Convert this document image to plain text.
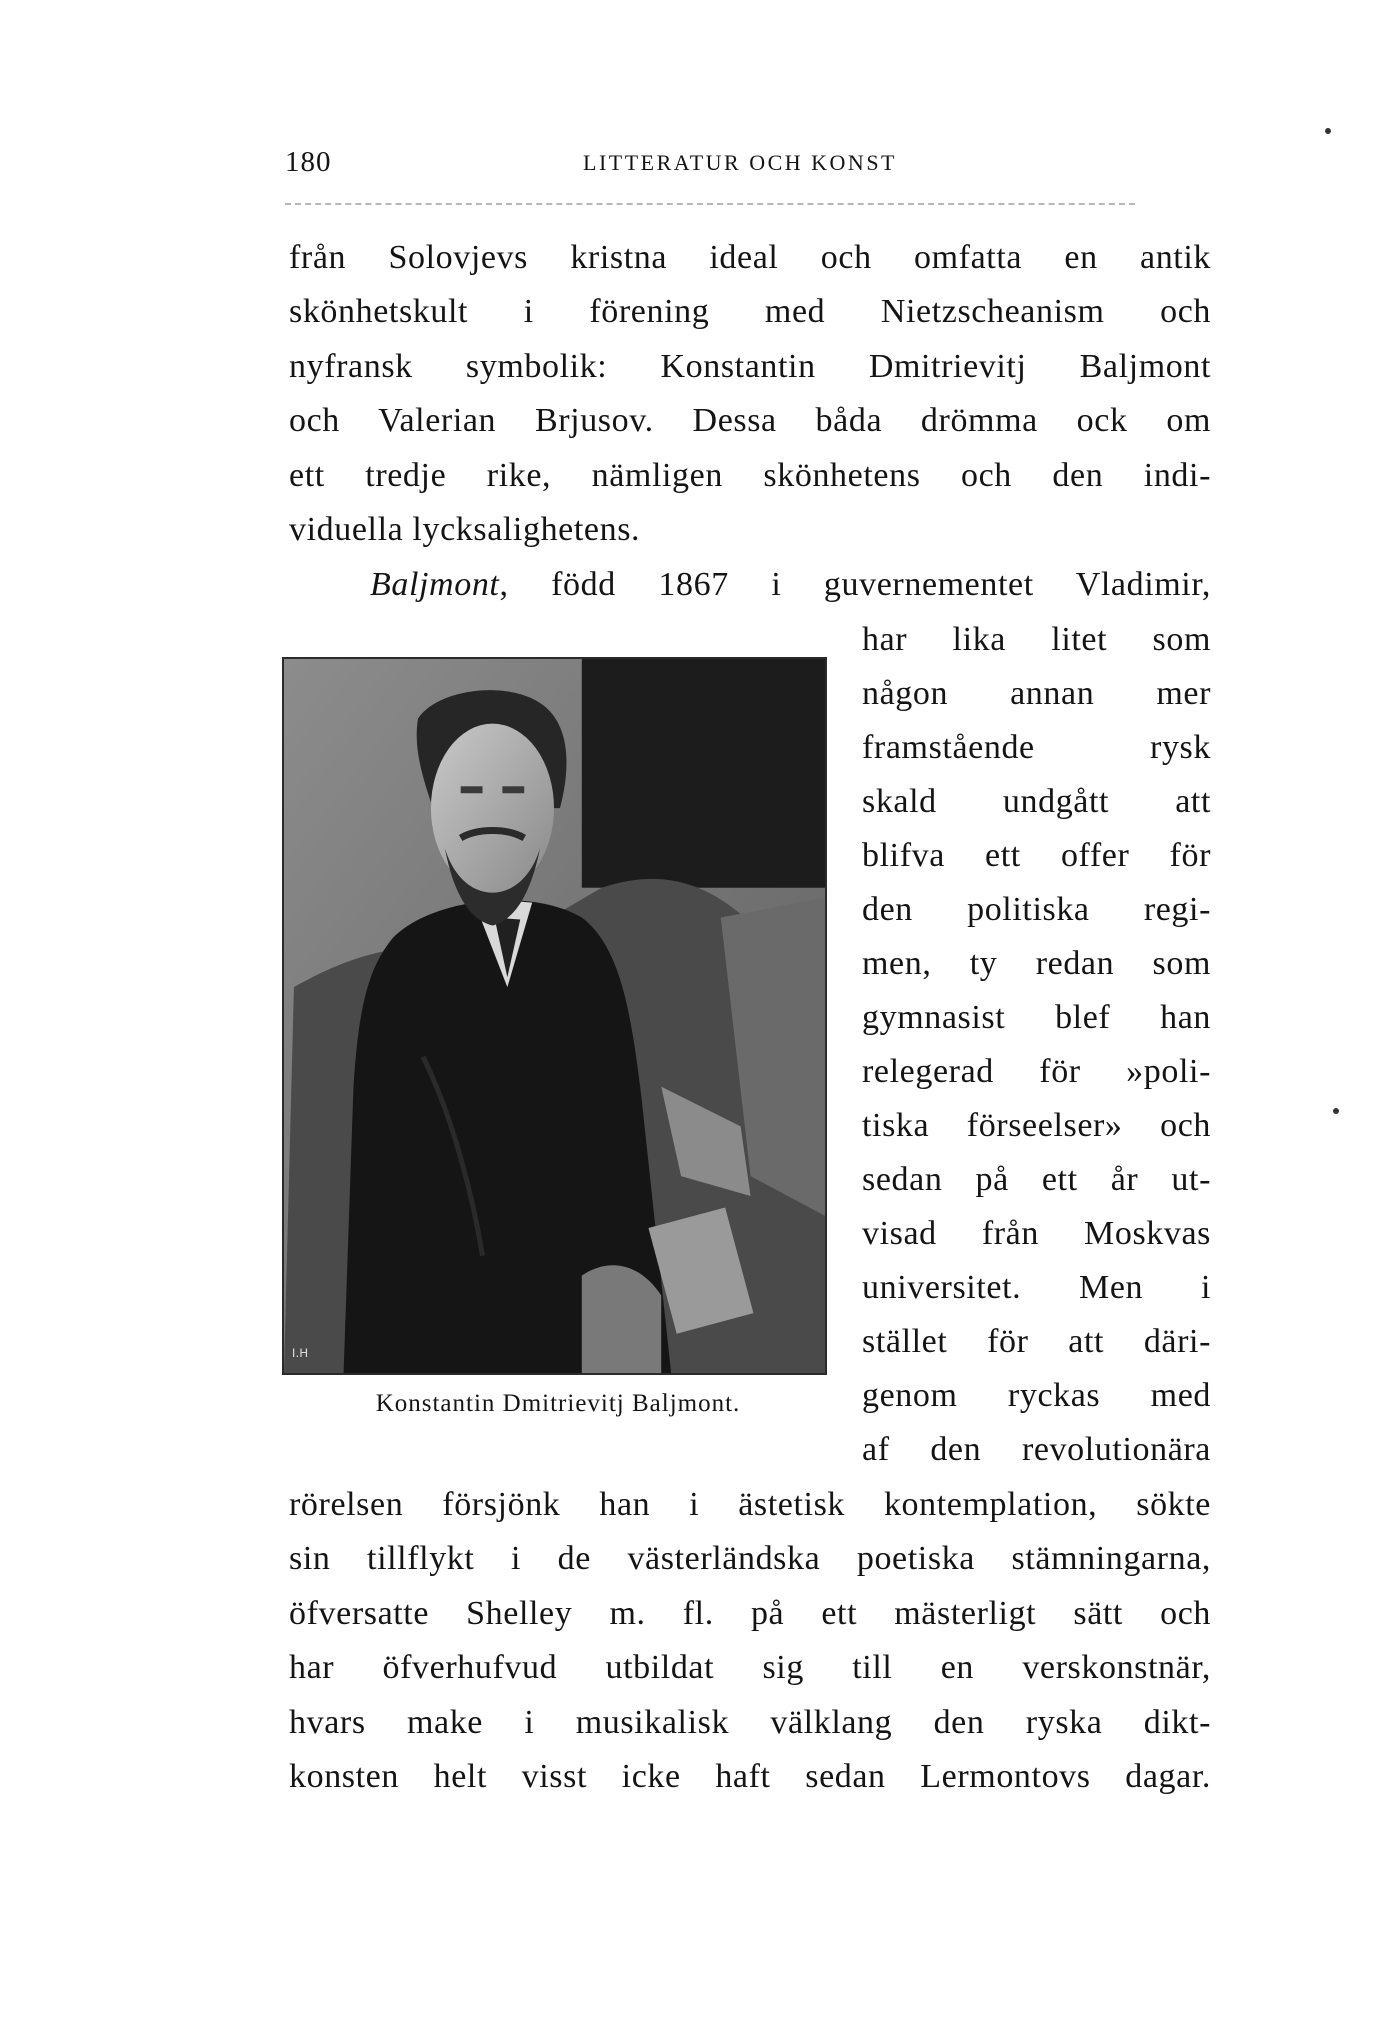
180	LITTERATUR OCH KONST

från Solovjevs kristna ideal och omfatta en antik

skönhetskult i förening med Nietzscheanism och

nyfransk symbolik: Konstantin Dmitrievitj Baljmont

och Valerian Brjusov. Dessa båda drömma ock om

ett tredje rike, nämligen skönhetens och den indi-

viduella lycksalighetens.

Baljmont, född 1867 i guvernementet Vladimir,

har lika litet som

någon annan mer

framstående rysk

skald undgått att

blifva ett offer för

den politiska regi-

men, ty redan som

gymnasist blef han

relegerad för »poli-

tiska förseelser» och

sedan på ett år ut-

visad från Moskvas

universitet. Men i

stället för att däri-

genom ryckas med

af den revolutionära

rörelsen försjönk han i ästetisk kontemplation, sökte

sin tillflykt i de västerländska poetiska stämningarna,

öfversatte Shelley m. fl. på ett mästerligt sätt och

har öfverhufvud utbildat sig till en verskonstnär,

hvars make i musikalisk välklang den ryska dikt-

konsten helt visst icke haft sedan Lermontovs dagar.

I.H

Konstantin Dmitrievitj Baljmont.
